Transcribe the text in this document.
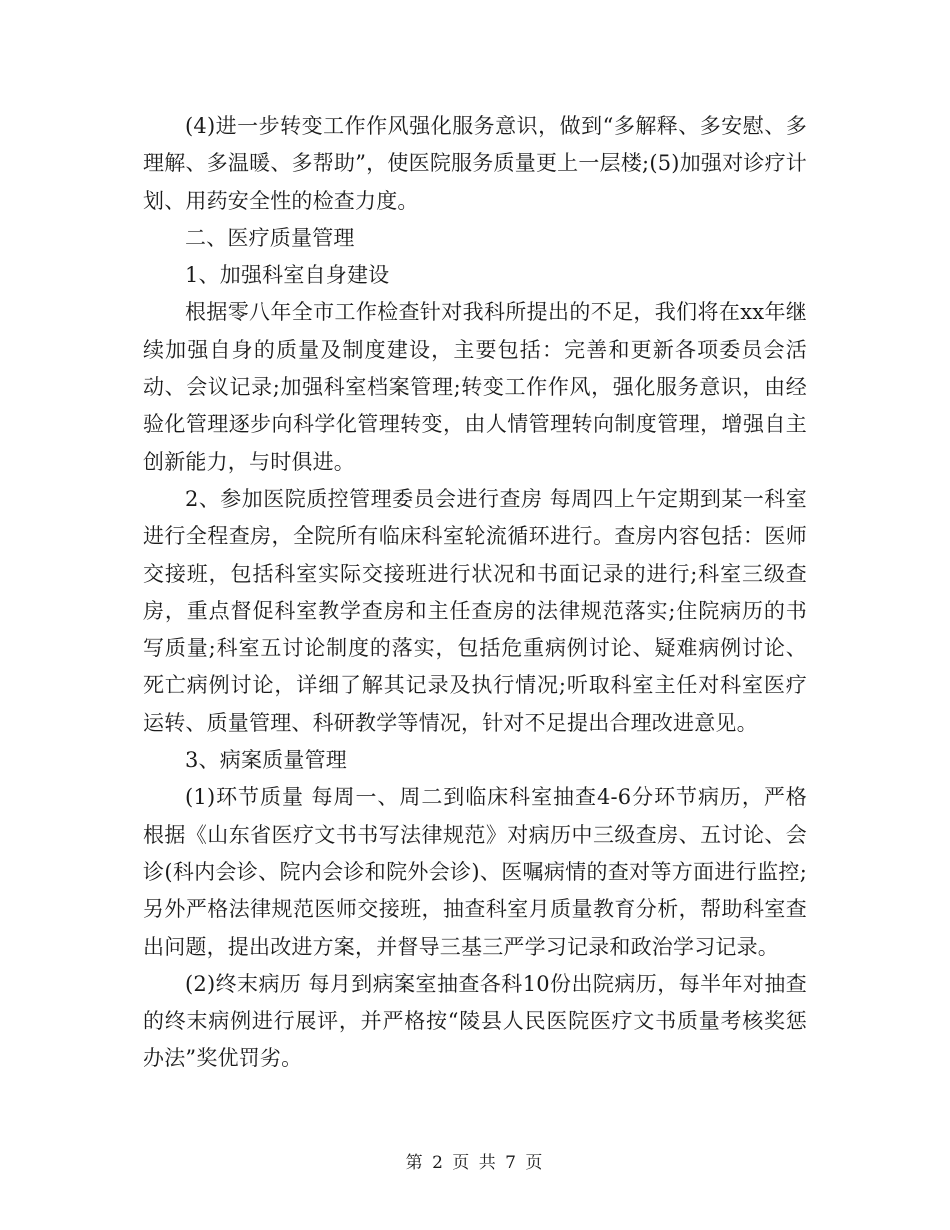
(4)进一步转变工作作风强化服务意识，做到“多解释、多安慰、多理解、多温暖、多帮助”，使医院服务质量更上一层楼;(5)加强对诊疗计划、用药安全性的检查力度。

二、医疗质量管理

1、加强科室自身建设

根据零八年全市工作检查针对我科所提出的不足，我们将在xx年继续加强自身的质量及制度建设，主要包括：完善和更新各项委员会活动、会议记录;加强科室档案管理;转变工作作风，强化服务意识，由经验化管理逐步向科学化管理转变，由人情管理转向制度管理，增强自主创新能力，与时俱进。

2、参加医院质控管理委员会进行查房 每周四上午定期到某一科室进行全程查房，全院所有临床科室轮流循环进行。查房内容包括：医师交接班，包括科室实际交接班进行状况和书面记录的进行;科室三级查房，重点督促科室教学查房和主任查房的法律规范落实;住院病历的书写质量;科室五讨论制度的落实，包括危重病例讨论、疑难病例讨论、死亡病例讨论，详细了解其记录及执行情况;听取科室主任对科室医疗运转、质量管理、科研教学等情况，针对不足提出合理改进意见。

3、病案质量管理

(1)环节质量 每周一、周二到临床科室抽查4-6分环节病历，严格根据《山东省医疗文书书写法律规范》对病历中三级查房、五讨论、会诊(科内会诊、院内会诊和院外会诊)、医嘱病情的查对等方面进行监控;另外严格法律规范医师交接班，抽查科室月质量教育分析，帮助科室查出问题，提出改进方案，并督导三基三严学习记录和政治学习记录。

(2)终末病历 每月到病案室抽查各科10份出院病历，每半年对抽查的终末病例进行展评，并严格按“陵县人民医院医疗文书质量考核奖惩办法”奖优罚劣。

第 2 页 共 7 页
